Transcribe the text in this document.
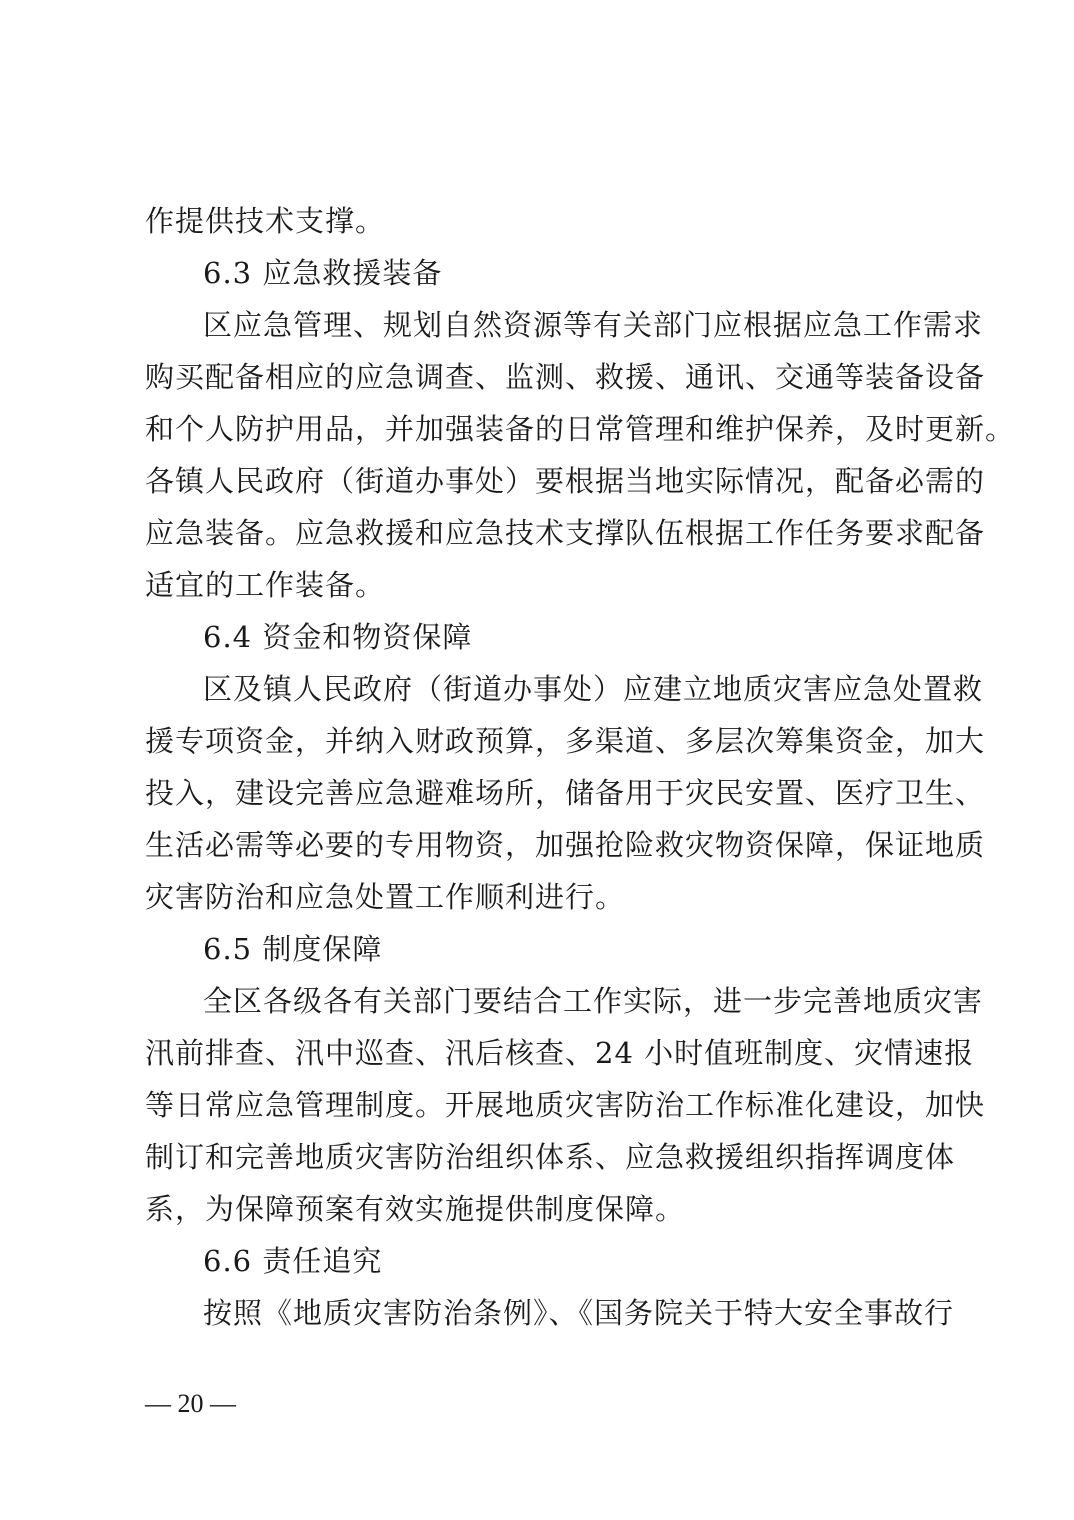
作提供技术支撑。
6.3 应急救援装备
区应急管理、规划自然资源等有关部门应根据应急工作需求
购买配备相应的应急调查、监测、救援、通讯、交通等装备设备
和个人防护用品，并加强装备的日常管理和维护保养，及时更新。
各镇人民政府（街道办事处）要根据当地实际情况，配备必需的
应急装备。应急救援和应急技术支撑队伍根据工作任务要求配备
适宜的工作装备。
6.4 资金和物资保障
区及镇人民政府（街道办事处）应建立地质灾害应急处置救
援专项资金，并纳入财政预算，多渠道、多层次筹集资金，加大
投入，建设完善应急避难场所，储备用于灾民安置、医疗卫生、
生活必需等必要的专用物资，加强抢险救灾物资保障，保证地质
灾害防治和应急处置工作顺利进行。
6.5 制度保障
全区各级各有关部门要结合工作实际，进一步完善地质灾害
汛前排查、汛中巡查、汛后核查、24 小时值班制度、灾情速报
等日常应急管理制度。开展地质灾害防治工作标准化建设，加快
制订和完善地质灾害防治组织体系、应急救援组织指挥调度体
系，为保障预案有效实施提供制度保障。
6.6 责任追究
按照《地质灾害防治条例》、《国务院关于特大安全事故行
— 20 —
